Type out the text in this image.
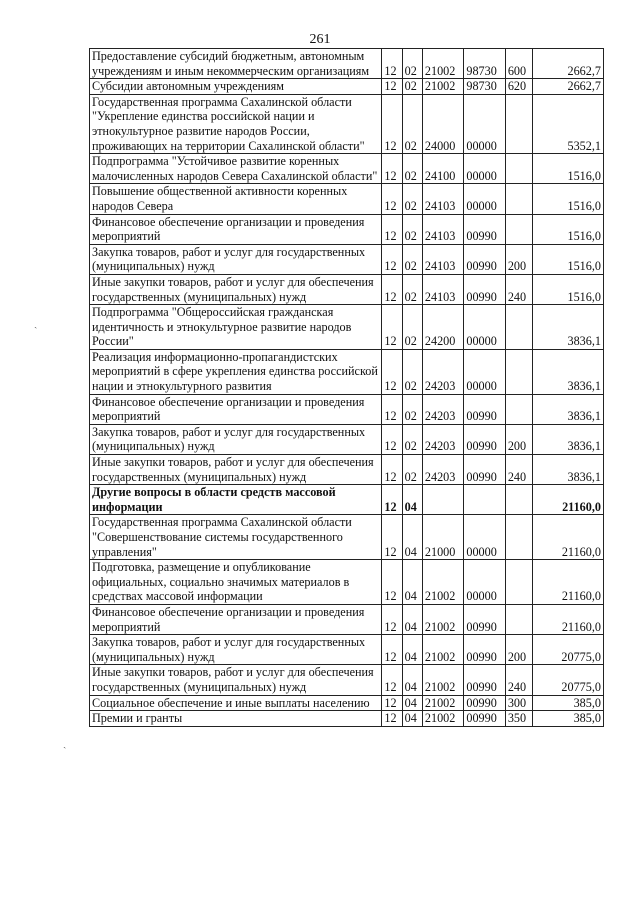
261
ˏ
ˏ
Предоставление субсидий бюджетным, автономным учреждениям и иным некоммерческим организациям	12	02	21002	98730	600	2662,7
Субсидии автономным учреждениям	12	02	21002	98730	620	2662,7
Государственная программа Сахалинской области "Укрепление единства российской нации и этнокультурное развитие народов России, проживающих на территории Сахалинской области"	12	02	24000	00000		5352,1
Подпрограмма "Устойчивое развитие коренных малочисленных народов Севера Сахалинской области"	12	02	24100	00000		1516,0
Повышение общественной активности коренных народов Севера	12	02	24103	00000		1516,0
Финансовое обеспечение организации и проведения мероприятий	12	02	24103	00990		1516,0
Закупка товаров, работ и услуг для государственных (муниципальных) нужд	12	02	24103	00990	200	1516,0
Иные закупки товаров, работ и услуг для обеспечения государственных (муниципальных) нужд	12	02	24103	00990	240	1516,0
Подпрограмма "Общероссийская гражданская идентичность и этнокультурное развитие народов России"	12	02	24200	00000		3836,1
Реализация информационно-пропагандистских мероприятий в сфере укрепления единства российской нации и этнокультурного развития	12	02	24203	00000		3836,1
Финансовое обеспечение организации и проведения мероприятий	12	02	24203	00990		3836,1
Закупка товаров, работ и услуг для государственных (муниципальных) нужд	12	02	24203	00990	200	3836,1
Иные закупки товаров, работ и услуг для обеспечения государственных (муниципальных) нужд	12	02	24203	00990	240	3836,1
Другие вопросы в области средств массовой информации	12	04				21160,0
Государственная программа Сахалинской области "Совершенствование системы государственного управления"	12	04	21000	00000		21160,0
Подготовка, размещение и опубликование официальных, социально значимых материалов в средствах массовой информации	12	04	21002	00000		21160,0
Финансовое обеспечение организации и проведения мероприятий	12	04	21002	00990		21160,0
Закупка товаров, работ и услуг для государственных (муниципальных) нужд	12	04	21002	00990	200	20775,0
Иные закупки товаров, работ и услуг для обеспечения государственных (муниципальных) нужд	12	04	21002	00990	240	20775,0
Социальное обеспечение и иные выплаты населению	12	04	21002	00990	300	385,0
Премии и гранты	12	04	21002	00990	350	385,0
